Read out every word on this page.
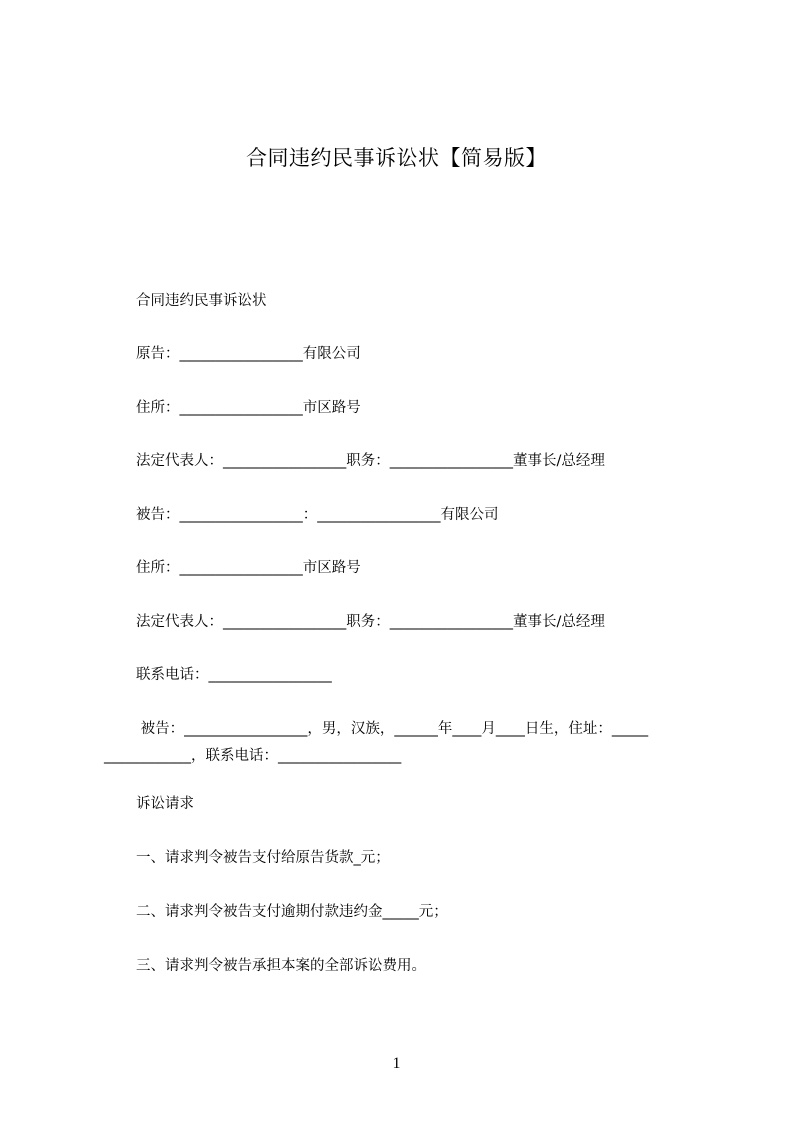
合同违约民事诉讼状【简易版】
合同违约民事诉讼状
原告：_________________有限公司
住所：_________________市区路号
法定代表人：_________________职务：_________________董事长/总经理
被告：_________________：_________________有限公司
住所：_________________市区路号
法定代表人：_________________职务：_________________董事长/总经理
联系电话：_________________
被告：_________________，男，汉族，______年____月____日生，住址：_____
____________，联系电话：_________________
诉讼请求
一、请求判令被告支付给原告货款_元；
二、请求判令被告支付逾期付款违约金_____元；
三、请求判令被告承担本案的全部诉讼费用。
1
